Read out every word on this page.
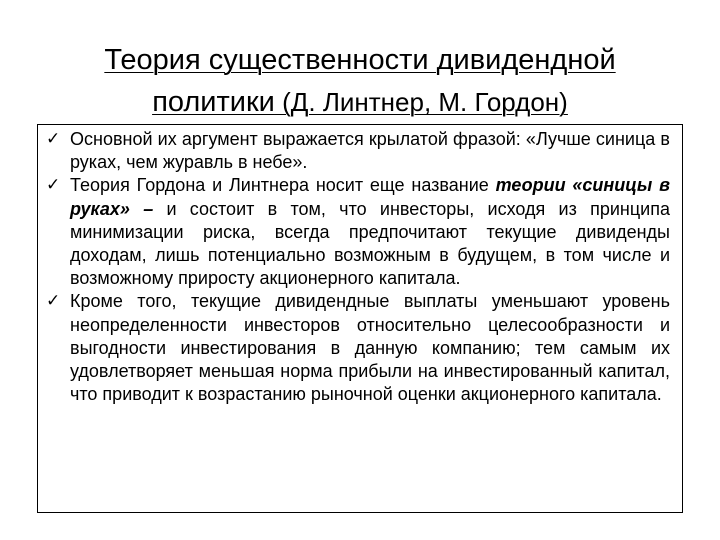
Теория существенности дивидендной
политики (Д. Линтнер, М. Гордон)
✓ Основной их аргумент выражается крылатой фразой: «Лучше синица в руках, чем журавль в небе».
✓ Теория Гордона и Линтнера носит еще название теории «синицы в руках» – и состоит в том, что инвесторы, исходя из принципа минимизации риска, всегда предпочитают текущие дивиденды доходам, лишь потенциально возможным в будущем, в том числе и возможному приросту акционерного капитала.
✓ Кроме того, текущие дивидендные выплаты уменьшают уровень неопределенности инвесторов относительно целесообразности и выгодности инвестирования в данную компанию; тем самым их удовлетворяет меньшая норма прибыли на инвестированный капитал, что приводит к возрастанию рыночной оценки акционерного капитала.
